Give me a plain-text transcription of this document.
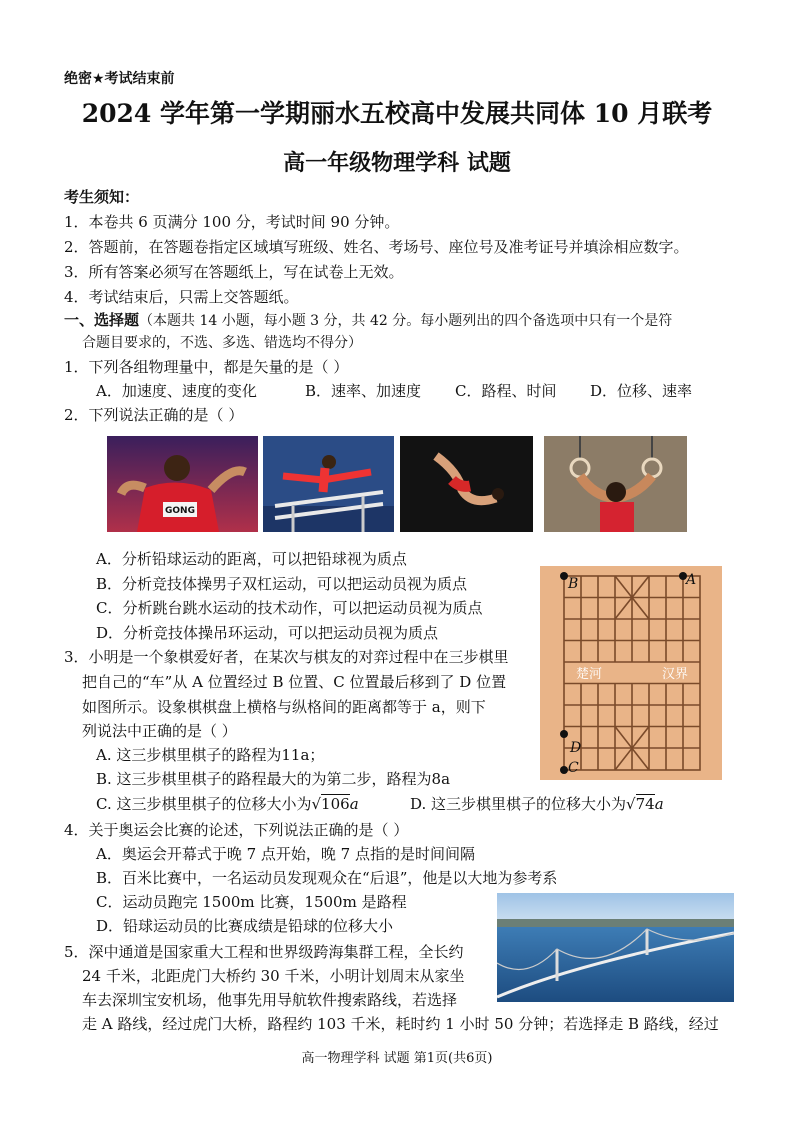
绝密★考试结束前
2024 学年第一学期丽水五校高中发展共同体 10 月联考
高一年级物理学科 试题
考生须知：
1．本卷共 6 页满分 100 分，考试时间 90 分钟。
2．答题前，在答题卷指定区域填写班级、姓名、考场号、座位号及准考证号并填涂相应数字。
3．所有答案必须写在答题纸上，写在试卷上无效。
4．考试结束后，只需上交答题纸。
一、选择题（本题共 14 小题，每小题 3 分，共 42 分。每小题列出的四个备选项中只有一个是符
合题目要求的，不选、多选、错选均不得分）
1．下列各组物理量中，都是矢量的是（ ）
A．加速度、速度的变化	B．速率、加速度 C．路程、时间 D．位移、速率
2．下列说法正确的是（ ）
GONG
A．分析铅球运动的距离，可以把铅球视为质点
B．分析竞技体操男子双杠运动，可以把运动员视为质点
C．分析跳台跳水运动的技术动作，可以把运动员视为质点
D．分析竞技体操吊环运动，可以把运动员视为质点
楚河	汉界
A
B
C
D
3．小明是一个象棋爱好者，在某次与棋友的对弈过程中在三步棋里
把自己的“车”从 A 位置经过 B 位置、C 位置最后移到了 D 位置
如图所示。设象棋棋盘上横格与纵格间的距离都等于 a，则下
列说法中正确的是（ ）
A. 这三步棋里棋子的路程为11a；
B. 这三步棋里棋子的路程最大的为第二步，路程为8a
C. 这三步棋里棋子的位移大小为√106a	D. 这三步棋里棋子的位移大小为√74a
4．关于奥运会比赛的论述，下列说法正确的是（ ）
A．奥运会开幕式于晚 7 点开始，晚 7 点指的是时间间隔
B．百米比赛中，一名运动员发现观众在“后退”，他是以大地为参考系
C．运动员跑完 1500m 比赛，1500m 是路程
D．铅球运动员的比赛成绩是铅球的位移大小
5．深中通道是国家重大工程和世界级跨海集群工程，全长约
24 千米，北距虎门大桥约 30 千米，小明计划周末从家坐
车去深圳宝安机场，他事先用导航软件搜索路线，若选择
走 A 路线，经过虎门大桥，路程约 103 千米，耗时约 1 小时 50 分钟；若选择走 B 路线，经过
高一物理学科 试题 第1页(共6页)
